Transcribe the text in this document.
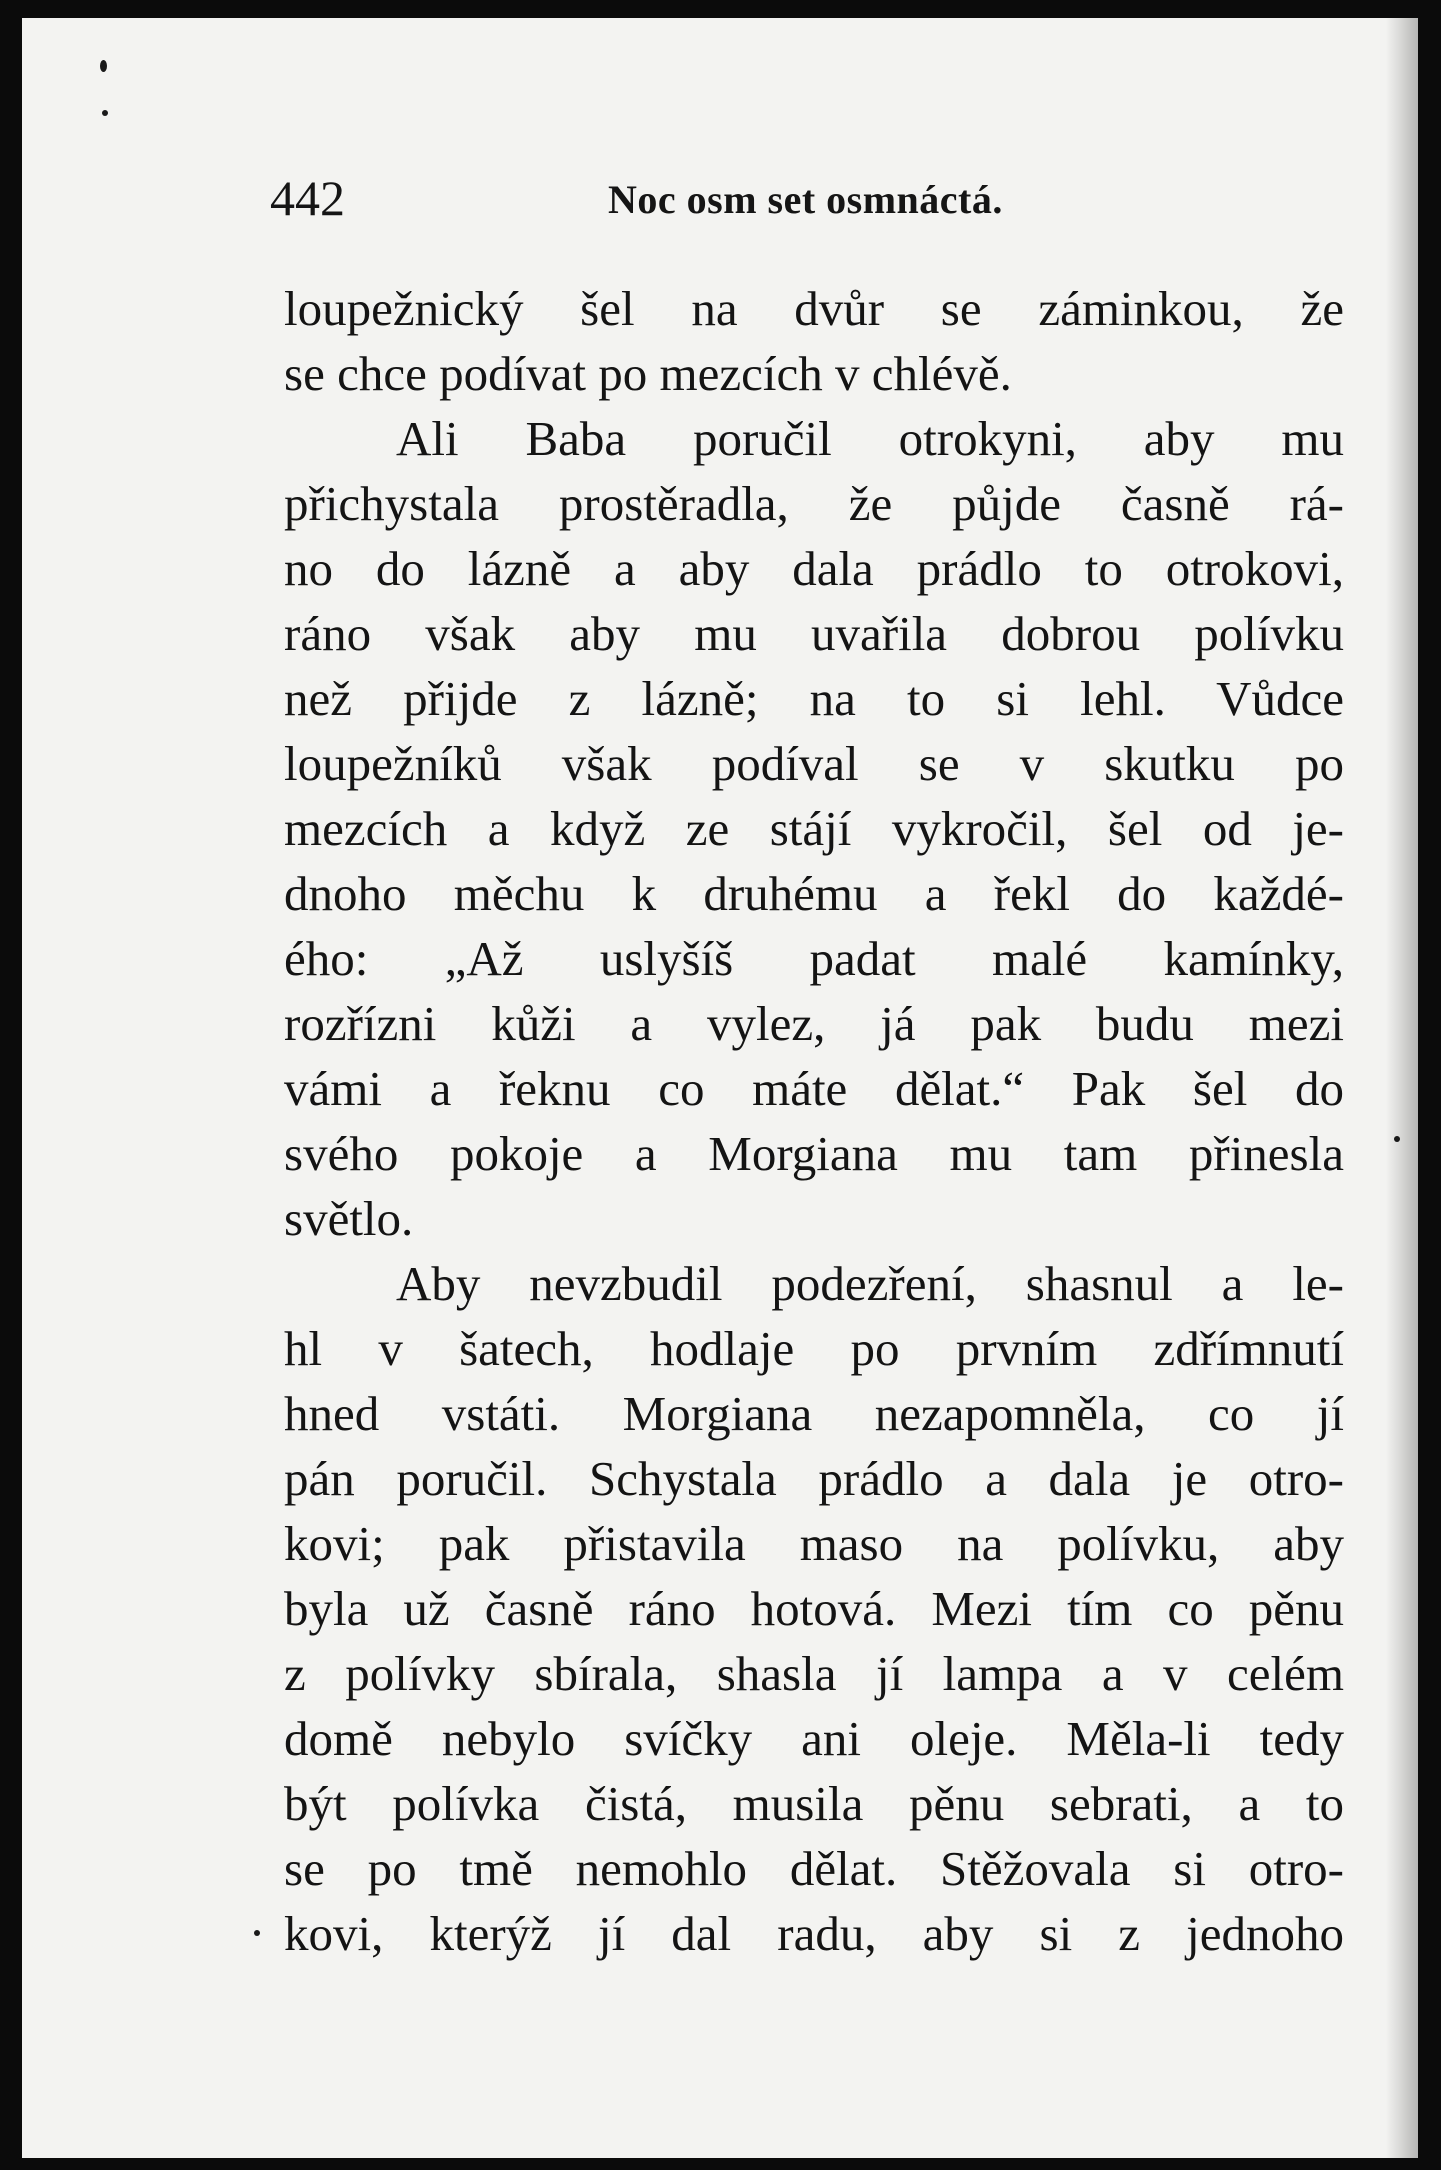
442	Noc osm set osmnáctá.
loupežnický šel na dvůr se záminkou, že
se chce podívat po mezcích v chlévě.
Ali Baba poručil otrokyni, aby mu
přichystala prostěradla, že půjde časně rá-
no do lázně a aby dala prádlo to otrokovi,
ráno však aby mu uvařila dobrou polívku
než přijde z lázně; na to si lehl. Vůdce
loupežníků však podíval se v skutku po
mezcích a když ze stájí vykročil, šel od je-
dnoho měchu k druhému a řekl do každé-
ého: „Až uslyšíš padat malé kamínky,
rozřízni kůži a vylez, já pak budu mezi
vámi a řeknu co máte dělat.“ Pak šel do
svého pokoje a Morgiana mu tam přinesla
světlo.
Aby nevzbudil podezření, shasnul a le-
hl v šatech, hodlaje po prvním zdřímnutí
hned vstáti. Morgiana nezapomněla, co jí
pán poručil. Schystala prádlo a dala je otro-
kovi; pak přistavila maso na polívku, aby
byla už časně ráno hotová. Mezi tím co pěnu
z polívky sbírala, shasla jí lampa a v celém
domě nebylo svíčky ani oleje. Měla-li tedy
být polívka čistá, musila pěnu sebrati, a to
se po tmě nemohlo dělat. Stěžovala si otro-
kovi, kterýž jí dal radu, aby si z jednoho
